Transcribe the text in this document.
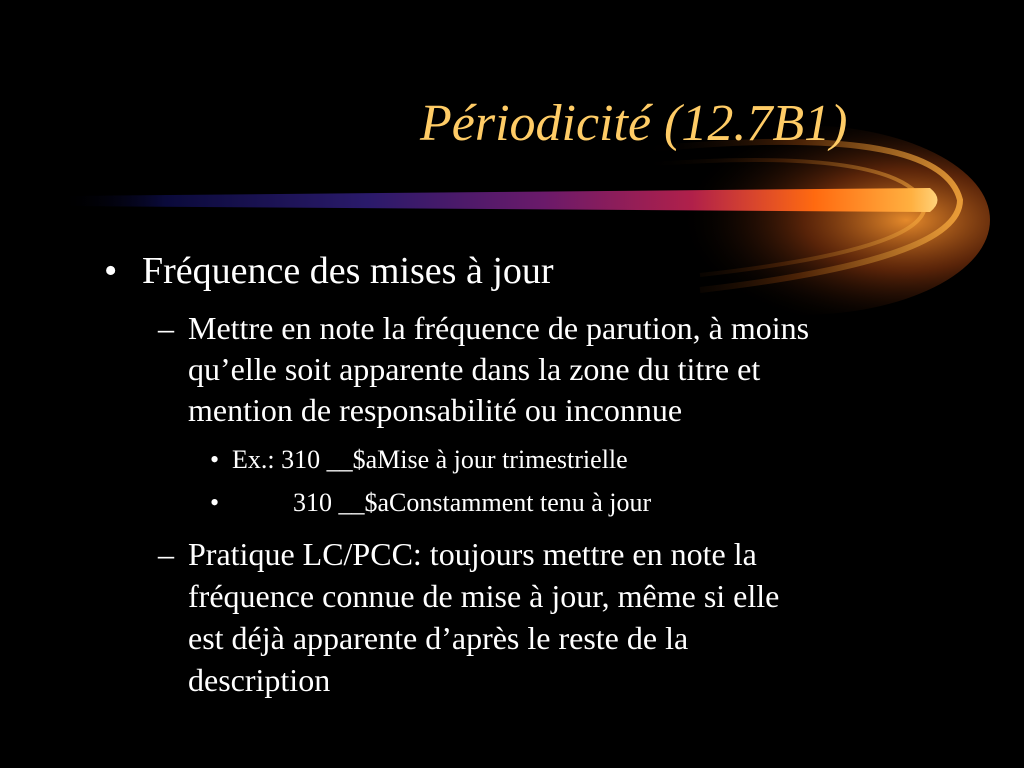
Périodicité (12.7B1)
• Fréquence des mises à jour
– Mettre en note la fréquence de parution, à moins
qu’elle soit apparente dans la zone du titre et
mention de responsabilité ou inconnue
• Ex.: 310 __$aMise à jour trimestrielle
•	310 __$aConstamment tenu à jour
– Pratique LC/PCC: toujours mettre en note la
fréquence connue de mise à jour, même si elle
est déjà apparente d’après le reste de la
description
